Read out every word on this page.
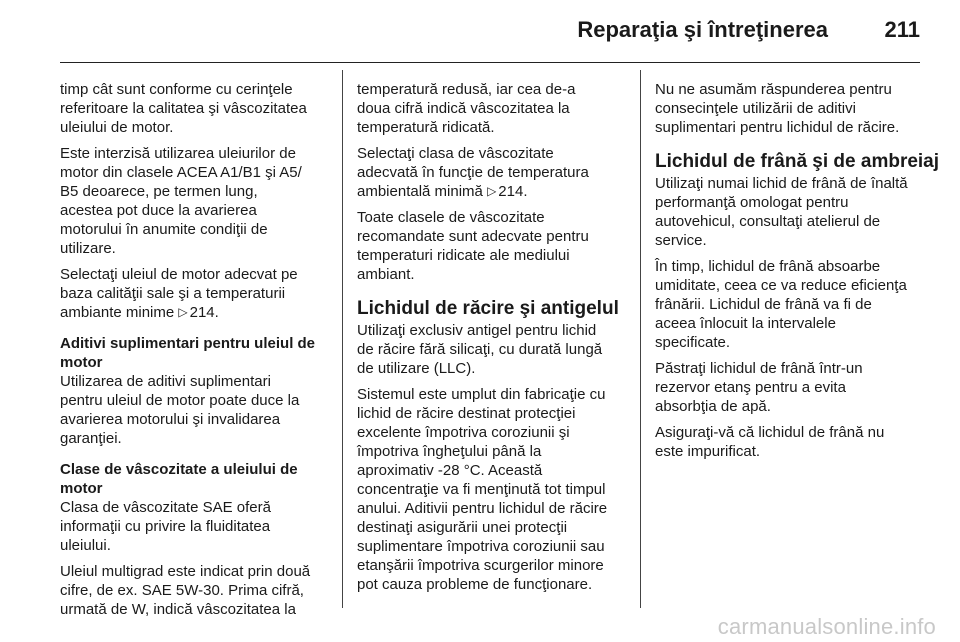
Reparaţia şi întreţinerea	211

timp cât sunt conforme cu cerinţele
referitoare la calitatea şi vâscozitatea
uleiului de motor.

Este interzisă utilizarea uleiurilor de
motor din clasele ACEA A1/B1 şi A5/
B5 deoarece, pe termen lung,
acestea pot duce la avarierea
motorului în anumite condiţii de
utilizare.

Selectaţi uleiul de motor adecvat pe
baza calităţii sale şi a temperaturii
ambiante minime ▷ 214.

Aditivi suplimentari pentru uleiul de
motor

Utilizarea de aditivi suplimentari
pentru uleiul de motor poate duce la
avarierea motorului şi invalidarea
garanţiei.

Clase de vâscozitate a uleiului de
motor

Clasa de vâscozitate SAE oferă
informaţii cu privire la fluiditatea
uleiului.

Uleiul multigrad este indicat prin două
cifre, de ex. SAE 5W-30. Prima cifră,
urmată de W, indică vâscozitatea la

temperatură redusă, iar cea de-a
doua cifră indică vâscozitatea la
temperatură ridicată.

Selectaţi clasa de vâscozitate
adecvată în funcţie de temperatura
ambientală minimă ▷ 214.

Toate clasele de vâscozitate
recomandate sunt adecvate pentru
temperaturi ridicate ale mediului
ambiant.

Lichidul de răcire şi antigelul

Utilizaţi exclusiv antigel pentru lichid
de răcire fără silicaţi, cu durată lungă
de utilizare (LLC).

Sistemul este umplut din fabricaţie cu
lichid de răcire destinat protecţiei
excelente împotriva coroziunii şi
împotriva îngheţului până la
aproximativ -28 °C. Această
concentraţie va fi menţinută tot timpul
anului. Aditivii pentru lichidul de răcire
destinaţi asigurării unei protecţii
suplimentare împotriva coroziunii sau
etanşării împotriva scurgerilor minore
pot cauza probleme de funcţionare.

Nu ne asumăm răspunderea pentru
consecinţele utilizării de aditivi
suplimentari pentru lichidul de răcire.

Lichidul de frână şi de ambreiaj

Utilizaţi numai lichid de frână de înaltă
performanţă omologat pentru
autovehicul, consultaţi atelierul de
service.

În timp, lichidul de frână absoarbe
umiditate, ceea ce va reduce eficienţa
frânării. Lichidul de frână va fi de
aceea înlocuit la intervalele
specificate.

Păstraţi lichidul de frână într-un
rezervor etanş pentru a evita
absorbţia de apă.

Asiguraţi-vă că lichidul de frână nu
este impurificat.

carmanualsonline.info
